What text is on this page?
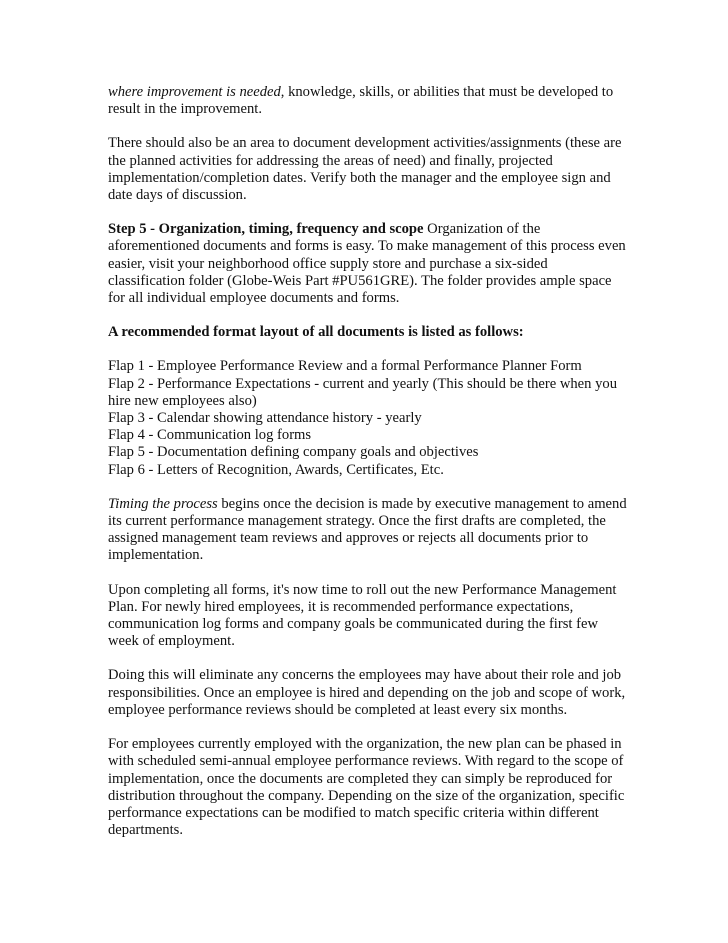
where improvement is needed, knowledge, skills, or abilities that must be developed to result in the improvement.

There should also be an area to document development activities/assignments (these are the planned activities for addressing the areas of need) and finally, projected implementation/completion dates. Verify both the manager and the employee sign and date days of discussion.

Step 5 - Organization, timing, frequency and scope Organization of the aforementioned documents and forms is easy. To make management of this process even easier, visit your neighborhood office supply store and purchase a six-sided classification folder (Globe-Weis Part #PU561GRE). The folder provides ample space for all individual employee documents and forms.

A recommended format layout of all documents is listed as follows:

Flap 1 - Employee Performance Review and a formal Performance Planner Form
Flap 2 - Performance Expectations - current and yearly (This should be there when you hire new employees also)
Flap 3 - Calendar showing attendance history - yearly
Flap 4 - Communication log forms
Flap 5 - Documentation defining company goals and objectives
Flap 6 - Letters of Recognition, Awards, Certificates, Etc.

Timing the process begins once the decision is made by executive management to amend its current performance management strategy. Once the first drafts are completed, the assigned management team reviews and approves or rejects all documents prior to implementation.

Upon completing all forms, it's now time to roll out the new Performance Management Plan. For newly hired employees, it is recommended performance expectations, communication log forms and company goals be communicated during the first few week of employment.

Doing this will eliminate any concerns the employees may have about their role and job responsibilities. Once an employee is hired and depending on the job and scope of work, employee performance reviews should be completed at least every six months.

For employees currently employed with the organization, the new plan can be phased in with scheduled semi-annual employee performance reviews. With regard to the scope of implementation, once the documents are completed they can simply be reproduced for distribution throughout the company. Depending on the size of the organization, specific performance expectations can be modified to match specific criteria within different departments.
